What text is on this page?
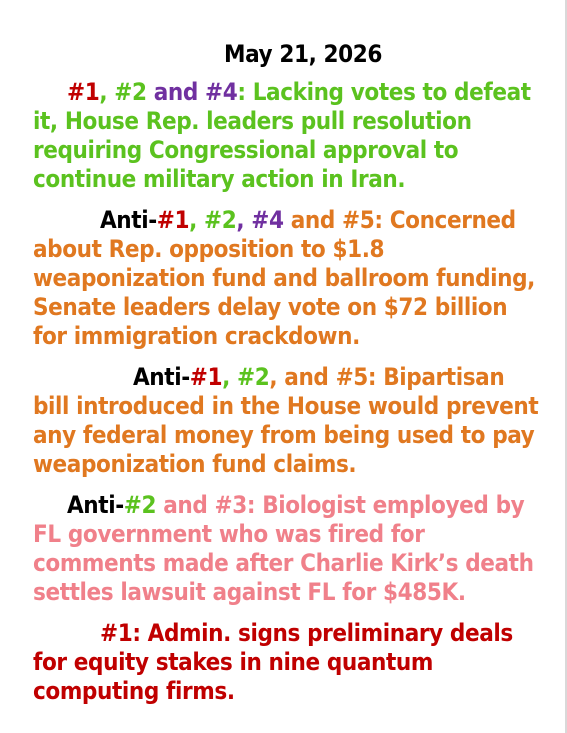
May 21, 2026

#1, #2 and #4: Lacking votes to defeat it, House Rep. leaders pull resolution requiring Congressional approval to continue military action in Iran.

Anti-#1, #2, #4 and #5: Concerned about Rep. opposition to $1.8 weaponization fund and ballroom funding, Senate leaders delay vote on $72 billion for immigration crackdown.

Anti-#1, #2, and #5: Bipartisan bill introduced in the House would prevent any federal money from being used to pay weaponization fund claims.

Anti-#2 and #3: Biologist employed by FL government who was fired for comments made after Charlie Kirk’s death settles lawsuit against FL for $485K.

#1: Admin. signs preliminary deals for equity stakes in nine quantum computing firms.
